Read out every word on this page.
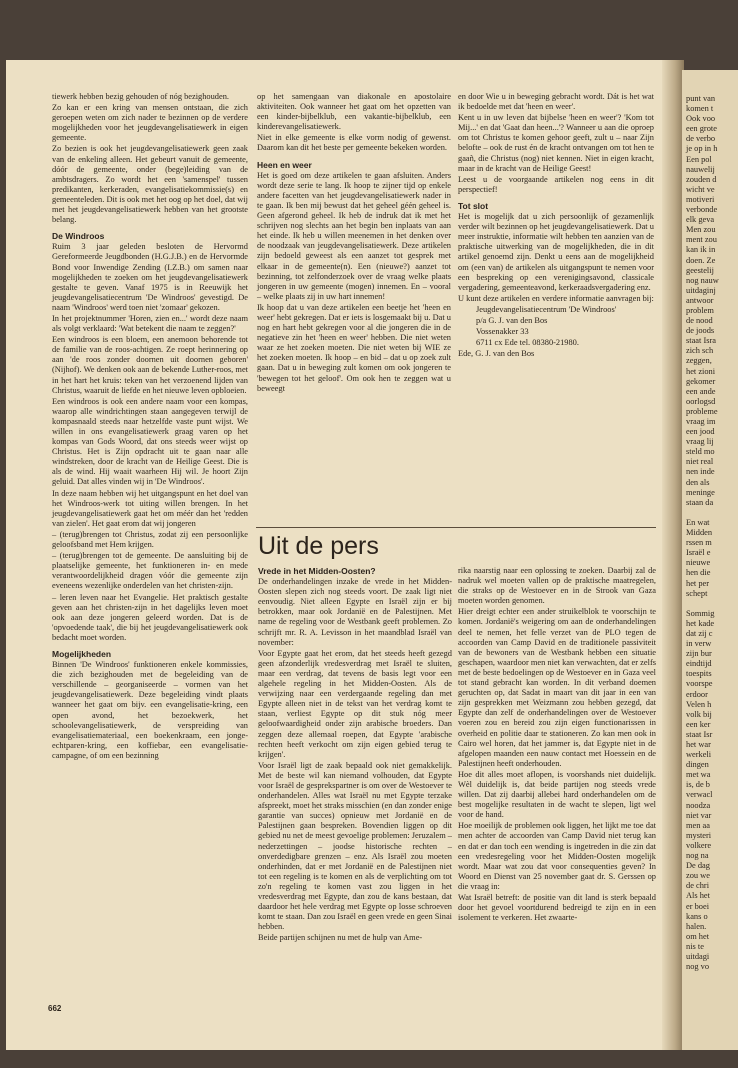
punt van
komen t
Ook voo
een grote
de verbo
je op in h
Een pol
nauwelij
zouden d
wicht ve
motiveri
verbonde
elk geva
Men zou
ment zou
kan ik in
doen. Ze
geestelij
nog nauw
uitdaginj
antwoor
problem
de nood
de joods
staat Isra
zich sch
zeggen,
het zioni
gekomer
een ande
oorlogsd
probleme
vraag im
een jood
vraag lij
steld mo
niet real
nen inde
den als
meninge
staan da

En wat
Midden
rssen m
Israël e
nieuwe
hen die
het per
schept

Sommig
het kade
dat zij c
in verw
zijn bur
eindtijd
toespits
voorspe
erdoor
Velen h
volk bij
een ker
staat Isr
het war
werkeli
dingen
met wa
is, de b
verwacl
noodza
niet var
men aa
mysteri
volkere
nog na
De dag
zou we
de chri
Als het
er boei
kans o
halen.
om het
nis te
uitdagi
nog vo

tiewerk hebben bezig gehouden of nóg bezighouden.

Zo kan er een kring van mensen ontstaan, die zich geroepen weten om zich nader te bezinnen op de verdere mogelijkheden voor het jeugdevangelisatiewerk in eigen gemeente.

Zo bezien is ook het jeugdevangelisatiewerk geen zaak van de enkeling alleen. Het gebeurt vanuit de gemeente, dóór de gemeente, onder (bege)leiding van de ambtsdragers. Zo wordt het een 'samenspel' tussen predikanten, kerkeraden, evangelisatiekommissie(s) en gemeenteleden. Dit is ook met het oog op het doel, dat wij met het jeugdevangelisatiewerk hebben van het grootste belang.

De Windroos

Ruim 3 jaar geleden besloten de Hervormd Gereformeerde Jeugdbonden (H.G.J.B.) en de Hervormde Bond voor Inwendige Zending (I.Z.B.) om samen naar mogelijkheden te zoeken om het jeugdevangelisatiewerk gestalte te geven. Vanaf 1975 is in Reeuwijk het jeugdevangelisatiecentrum 'De Windroos' gevestigd. De naam 'Windroos' werd toen niet 'zomaar' gekozen.

In het projektnummer 'Horen, zien en...' wordt deze naam als volgt verklaard: 'Wat betekent die naam te zeggen?'

Een windroos is een bloem, een anemoon behorende tot de familie van de roos-achtigen. Ze roept herinnering op aan 'de roos zonder doornen uit doornen geboren' (Nijhof). We denken ook aan de bekende Luther-roos, met in het hart het kruis: teken van het verzoenend lijden van Christus, waaruit de liefde en het nieuwe leven opbloeien.

Een windroos is ook een andere naam voor een kompas, waarop alle windrichtingen staan aangegeven terwijl de kompasnaald steeds naar hetzelfde vaste punt wijst. We willen in ons evangelisatiewerk graag varen op het kompas van Gods Woord, dat ons steeds weer wijst op Christus. Het is Zijn opdracht uit te gaan naar alle windstreken, door de kracht van de Heilige Geest. Die is als de wind. Hij waait waarheen Hij wil. Je hoort Zijn geluid. Dat alles vinden wij in 'De Windroos'.

In deze naam hebben wij het uitgangspunt en het doel van het Windroos-werk tot uiting willen brengen. In het jeugdevangelisatiewerk gaat het om méér dan het 'redden van zielen'. Het gaat erom dat wij jongeren

– (terug)brengen tot Christus, zodat zij een persoonlijke geloofsband met Hem krijgen.

– (terug)brengen tot de gemeente. De aansluiting bij de plaatselijke gemeente, het funktioneren in- en mede verantwoordelijkheid dragen vóór die gemeente zijn eveneens wezenlijke onderdelen van het christen-zijn.

– leren leven naar het Evangelie. Het praktisch gestalte geven aan het christen-zijn in het dagelijks leven moet ook aan deze jongeren geleerd worden. Dat is de 'opvoedende taak', die bij het jeugdevangelisatiewerk ook bedacht moet worden.

Mogelijkheden

Binnen 'De Windroos' funktioneren enkele kommissies, die zich bezighouden met de begeleiding van de verschillende – georganiseerde – vormen van het jeugdevangelisatiewerk. Deze begeleiding vindt plaats wanneer het gaat om bijv. een evangelisatie-kring, een open avond, het bezoekwerk, het schoolevangelisatiewerk, de verspreiding van evangelisatiemateriaal, een boekenkraam, een jonge-echtparen-kring, een koffiebar, een evangelisatie-campagne, of om een bezinning

op het samengaan van diakonale en apostolaire aktiviteiten. Ook wanneer het gaat om het opzetten van een kinder-bijbelklub, een vakantie-bijbelklub, een kinderevangelisatiewerk.

Niet in elke gemeente is elke vorm nodig of gewenst. Daarom kan dit het beste per gemeente bekeken worden.

Heen en weer

Het is goed om deze artikelen te gaan afsluiten. Anders wordt deze serie te lang. Ik hoop te zijner tijd op enkele andere facetten van het jeugdevangelisatiewerk nader in te gaan. Ik ben mij bewust dat het geheel géén geheel is. Geen afgerond geheel. Ik heb de indruk dat ik met het schrijven nog slechts aan het begin ben inplaats van aan het einde. Ik heb u willen meenemen in het denken over de noodzaak van jeugdevangelisatiewerk. Deze artikelen zijn bedoeld geweest als een aanzet tot gesprek met elkaar in de gemeente(n). Een (nieuwe?) aanzet tot bezinning, tot zelfonderzoek over de vraag welke plaats jongeren in uw gemeente (mogen) innemen. En – vooral – welke plaats zij in uw hart innemen!

Ik hoop dat u van deze artikelen een beetje het 'heen en weer' hebt gekregen. Dat er iets is losgemaakt bij u. Dat u nog en hart hebt gekregen voor al die jongeren die in de negatieve zin het 'heen en weer' hebben. Die niet weten waar ze het zoeken moeten. Die niet weten bij WIE ze het zoeken moeten. Ik hoop – en bid – dat u op zoek zult gaan. Dat u in beweging zult komen om ook jongeren te 'bewegen tot het geloof'. Om ook hen te zeggen wat u beweegt

en door Wie u in beweging gebracht wordt. Dát is het wat ik bedoelde met dat 'heen en weer'.

Kent u in uw leven dat bijbelse 'heen en weer'? 'Kom tot Mij...' en dat 'Gaat dan heen...'? Wanneer u aan die oproep om tot Christus te komen gehoor geeft, zult u – naar Zijn belofte – ook de rust én de kracht ontvangen om tot hen te gaañ, die Christus (nog) niet kennen. Niet in eigen kracht, maar in de kracht van de Heilige Geest!

Leest u de voorgaande artikelen nog eens in dit perspectief!

Tot slot

Het is mogelijk dat u zich persoonlijk of gezamenlijk verder wilt bezinnen op het jeugdevangelisatiewerk. Dat u meer instruktie, informatie wilt hebben ten aanzien van de praktische uitwerking van de mogelijkheden, die in dit artikel genoemd zijn. Denkt u eens aan de mogelijkheid om (een van) de artikelen als uitgangspunt te nemen voor een bespreking op een verenigingsavond, classicale vergadering, gemeenteavond, kerkeraadsvergadering enz.

U kunt deze artikelen en verdere informatie aanvragen bij:

Jeugdevangelisatiecentrum 'De Windroos'

p/a G. J. van den Bos

Vossenakker 33

6711 cx Ede tel. 08380-21980.

Ede, G. J. van den Bos

Uit de pers
Vrede in het Midden-Oosten?

De onderhandelingen inzake de vrede in het Midden-Oosten slepen zich nog steeds voort. De zaak ligt niet eenvoudig. Niet alleen Egypte en Israël zijn er bij betrokken, maar ook Jordanië en de Palestijnen. Met name de regeling voor de Westbank geeft problemen. Zo schrijft mr. R. A. Levisson in het maandblad Israël van november:

Voor Egypte gaat het erom, dat het steeds heeft gezegd geen afzonderlijk vredesverdrag met Israël te sluiten, maar een verdrag, dat tevens de basis legt voor een algehele regeling in het Midden-Oosten. Als de verwijzing naar een verdergaande regeling dan met Egypte alleen niet in de tekst van het verdrag komt te staan, verliest Egypte op dit stuk nóg meer geloofwaardigheid onder zijn arabische broeders. Dan zeggen deze allemaal roepen, dat Egypte 'arabische rechten heeft verkocht om zijn eigen gebied terug te krijgen'.

Voor Israël ligt de zaak bepaald ook niet gemakkelijk. Met de beste wil kan niemand volhouden, dat Egypte voor Israël de gesprekspartner is om over de Westoever te onderhandelen. Alles wat Israël nu met Egypte terzake afspreekt, moet het straks misschien (en dan zonder enige garantie van succes) opnieuw met Jordanië en de Palestijnen gaan bespreken. Bovendien liggen op dit gebied nu net de meest gevoelige problemen: Jeruzalem – nederzettingen – joodse historische rechten – onverdedigbare grenzen – enz. Als Israël zou moeten onderhinden, dat er met Jordanië en de Palestijnen niet tot een regeling is te komen en als de verplichting om tot zo'n regeling te komen vast zou liggen in het vredesverdrag met Egypte, dan zou de kans bestaan, dat daardoor het hele verdrag met Egypte op losse schroeven komt te staan. Dan zou Israël en geen vrede en geen Sinai hebben.

Beide partijen schijnen nu met de hulp van Ame-

rika naarstig naar een oplossing te zoeken. Daarbij zal de nadruk wel moeten vallen op de praktische maatregelen, die straks op de Westoever en in de Strook van Gaza moeten worden genomen.

Hier dreigt echter een ander struikelblok te voorschijn te komen. Jordanië's weigering om aan de onderhandelingen deel te nemen, het felle verzet van de PLO tegen de accoorden van Camp David en de traditionele passiviteit van de bewoners van de Westbank hebben een situatie geschapen, waardoor men niet kan verwachten, dat er zelfs met de beste bedoelingen op de Westoever en in Gaza veel tot stand gebracht kan worden. In dit verband doemen geruchten op, dat Sadat in maart van dit jaar in een van zijn gesprekken met Weizmann zou hebben gezegd, dat Egypte dan zelf de onderhandelingen over de Westoever voeren zou en bereid zou zijn eigen functionarissen in overheid en politie daar te stationeren. Zo kan men ook in Cairo wel horen, dat het jammer is, dat Egypte niet in de afgelopen maanden een nauw contact met Hoessein en de Palestijnen heeft onderhouden.

Hoe dit alles moet aflopen, is voorshands niet duidelijk. Wèl duidelijk is, dat beide partijen nog steeds vrede willen. Dat zij daarbij allebei hard onderhandelen om de best mogelijke resultaten in de wacht te slepen, ligt wel voor de hand.

Hoe moeilijk de problemen ook liggen, het lijkt me toe dat men achter de accoorden van Camp David niet terug kan en dat er dan toch een wending is ingetreden in die zin dat een vredesregeling voor het Midden-Oosten mogelijk wordt. Maar wat zou dat voor consequenties geven? In Woord en Dienst van 25 november gaat dr. S. Gerssen op die vraag in:

Wat Israël betreft: de positie van dit land is sterk bepaald door het gevoel voortdurend bedreigd te zijn en in een isolement te verkeren. Het zwaarte-

662
